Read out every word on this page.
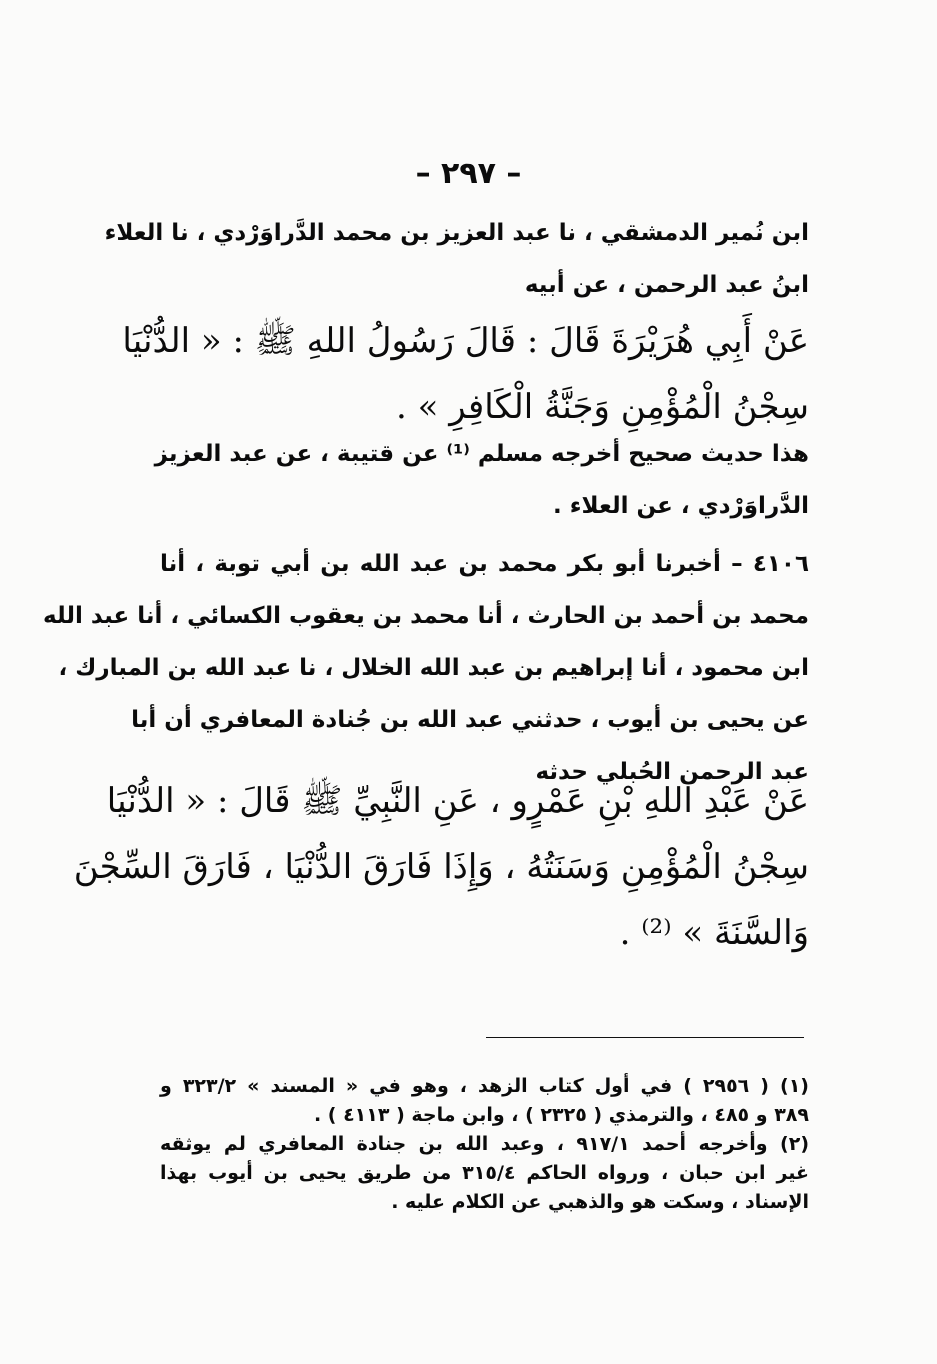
– ٢٩٧ –
ابن نُمير الدمشقي ، نا عبد العزيز بن محمد الدَّراوَرْدي ، نا العلاء
ابنُ عبد الرحمن ، عن أبيه
عَنْ أَبِي هُرَيْرَةَ قَالَ : قَالَ رَسُولُ اللهِ ﷺ : « الدُّنْيَا
سِجْنُ الْمُؤْمِنِ وَجَنَّةُ الْكَافِرِ » .
هذا حديث صحيح أخرجه مسلم ⁽¹⁾ عن قتيبة ، عن عبد العزيز
الدَّراوَرْدي ، عن العلاء .
٤١٠٦ – أخبرنا أبو بكر محمد بن عبد الله بن أبي توبة ، أنا
محمد بن أحمد بن الحارث ، أنا محمد بن يعقوب الكسائي ، أنا عبد الله
ابن محمود ، أنا إبراهيم بن عبد الله الخلال ، نا عبد الله بن المبارك ،
عن يحيى بن أيوب ، حدثني عبد الله بن جُنادة المعافري أن أبا
عبد الرحمن الحُبلي حدثه
عَنْ عَبْدِ اللهِ بْنِ عَمْرٍو ، عَنِ النَّبِيِّ ﷺ قَالَ : « الدُّنْيَا
سِجْنُ الْمُؤْمِنِ وَسَنَتُهُ ، وَإِذَا فَارَقَ الدُّنْيَا ، فَارَقَ السِّجْنَ
وَالسَّنَةَ » ⁽²⁾ .
(١) ( ٢٩٥٦ ) في أول كتاب الزهد ، وهو في « المسند » ٣٢٣/٢ و
٣٨٩ و ٤٨٥ ، والترمذي ( ٢٣٢٥ ) ، وابن ماجة ( ٤١١٣ ) .
(٢) وأخرجه أحمد ٩١٧/١ ، وعبد الله بن جنادة المعافري لم يوثقه
غير ابن حبان ، ورواه الحاكم ٣١٥/٤ من طريق يحيى بن أيوب بهذا
الإسناد ، وسكت هو والذهبي عن الكلام عليه .
